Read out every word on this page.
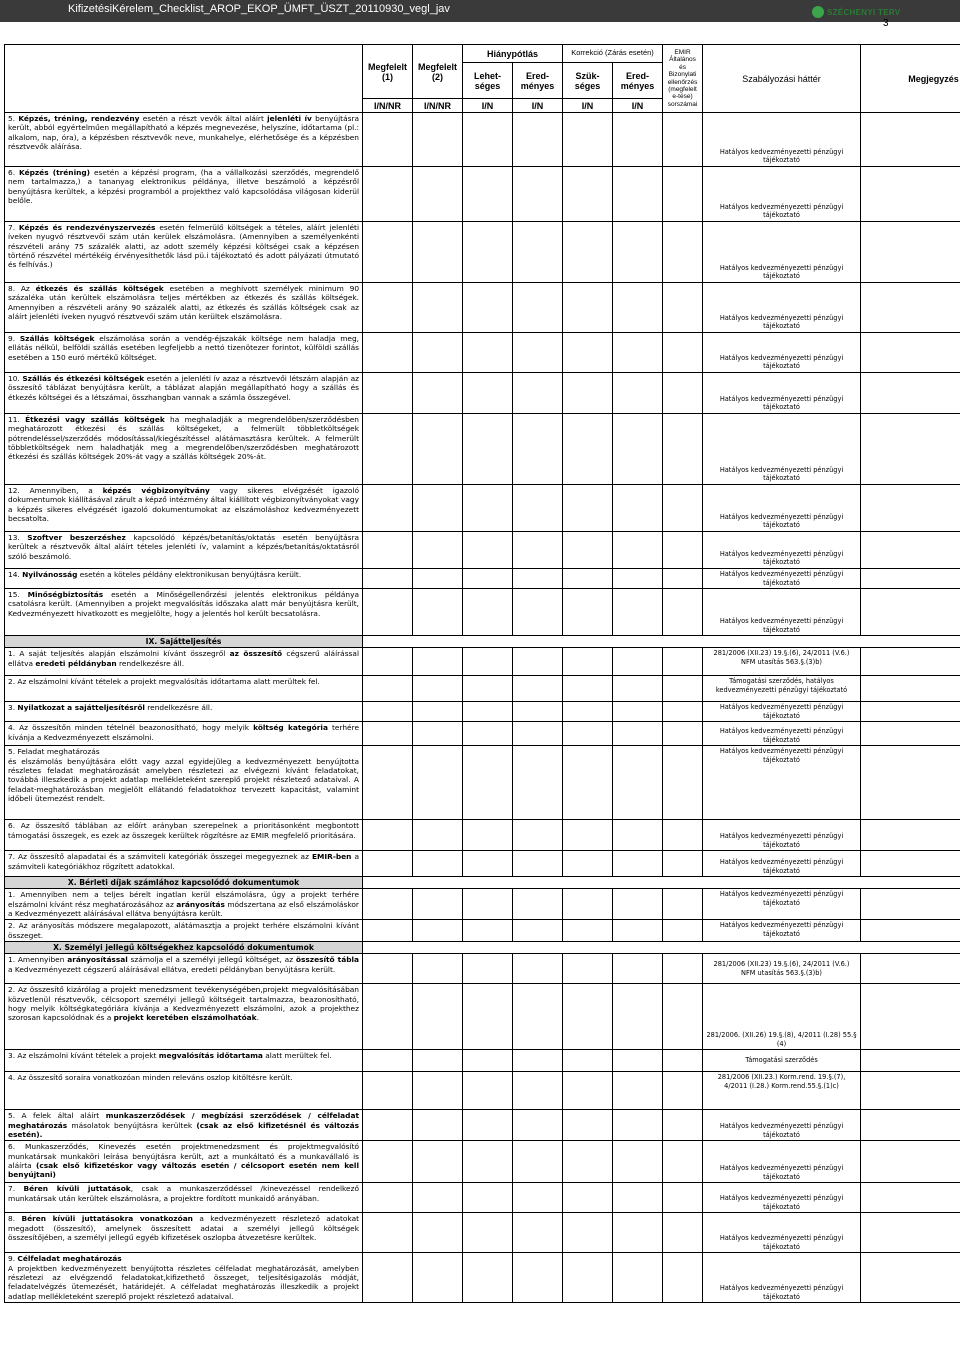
KifizetésiKérelem_Checklist_AROP_EKOP_ÜMFT_ÜSZT_20110930_vegl_jav	SZÉCHENYI TERV
3
	Megfelelt (1)	Megfelelt (2)	Hiánypótlás		Korrekció (Zárás esetén)		EMIR Általános és Bizonylati ellenőrzés (megfelelt e-tése) sorszámai	Szabályozási háttér	Megjegyzés
			Lehet-séges	Ered-ményes	Szük-séges	Ered-ményes			
	I/N/NR	I/N/NR	I/N	I/N	I/N	I/N			
5. Képzés, tréning, rendezvény esetén a részt vevők által aláírt jelenléti ív benyújtásra került, abból egyértelműen megállapítható a képzés megnevezése, helyszíne, időtartama (pl.: alkalom, nap, óra), a képzésben résztvevők neve, munkahelye, elérhetősége és a képzésben résztvevők aláírása.								Hatályos kedvezményezetti pénzügyi tájékoztató	
6. Képzés (tréning) esetén a képzési program, (ha a vállalkozási szerződés, megrendelő nem tartalmazza,) a tananyag elektronikus példánya, illetve beszámoló a képzésről benyújtásra kerültek, a képzési programból a projekthez való kapcsolódása világosan kiderül belőle.								Hatályos kedvezményezetti pénzügyi tájékoztató	
7. Képzés és rendezvényszervezés esetén felmerülő költségek a tételes, aláírt jelenléti íveken nyugvó résztvevői szám után kerülek elszámolásra. (Amennyiben a személyenkénti részvételi arány 75 százalék alatti, az adott személy képzési költségei csak a képzésen történő részvétel mértékéig érvényesíthetők lásd pü.i tájékoztató és adott pályázati útmutató és felhívás.)								Hatályos kedvezményezetti pénzügyi tájékoztató	
8. Az étkezés és szállás költségek esetében a meghívott személyek minimum 90 százaléka után kerültek elszámolásra teljes mértékben az étkezés és szállás költségek. Amennyiben a részvételi arány 90 százalék alatti, az étkezés és szállás költségek csak az aláírt jelenléti íveken nyugvó résztvevői szám után kerültek elszámolásra.								Hatályos kedvezményezetti pénzügyi tájékoztató	
9. Szállás költségek elszámolása során a vendég-éjszakák költsége nem haladja meg, ellátás nélkül, belföldi szállás esetében legfeljebb a nettó tizenötezer forintot, külföldi szállás esetében a 150 euró mértékű költséget.								Hatályos kedvezményezetti pénzügyi tájékoztató	
10. Szállás és étkezési költségek esetén a jelenléti ív azaz a résztvevői létszám alapján az összesítő táblázat benyújtásra került, a táblázat alapján megállapítható hogy a szállás és étkezés költségei és a létszámai, összhangban vannak a számla összegével.								Hatályos kedvezményezetti pénzügyi tájékoztató	
11. Étkezési vagy szállás költségek ha meghaladják a megrendelőben/szerződésben meghatározott étkezési és szállás költségeket, a felmerült többletköltségek pótrendeléssel/szerződés módosítással/kiegészítéssel alátámasztásra kerültek. A felmerült többletköltségek nem haladhatják meg a megrendelőben/szerződésben meghatározott étkezési és szállás költségek 20%-át vagy a szállás költségek 20%-át.								Hatályos kedvezményezetti pénzügyi tájékoztató	
12. Amennyiben, a képzés végbizonyítvány vagy sikeres elvégzését igazoló dokumentumok kiállításával zárult a képző intézmény által kiállított végbizonyítványokat vagy a képzés sikeres elvégzését igazoló dokumentumokat az elszámoláshoz kedvezményezett becsatolta.								Hatályos kedvezményezetti pénzügyi tájékoztató	
13. Szoftver beszerzéshez kapcsolódó képzés/betanítás/oktatás esetén benyújtásra kerültek a résztvevők által aláírt tételes jelenléti ív, valamint a képzés/betanítás/oktatásról szóló beszámoló.								Hatályos kedvezményezetti pénzügyi tájékoztató	
14. Nyilvánosság esetén a köteles példány elektronikusan benyújtásra került.								Hatályos kedvezményezetti pénzügyi tájékoztató	
15. Minőségbiztosítás esetén a Minőségellenőrzési jelentés elektronikus példánya csatolásra került. (Amennyiben a projekt megvalósítás időszaka alatt már benyújtásra került, Kedvezményezett hivatkozott es megjelölte, hogy a jelentés hol került becsatolásra.								Hatályos kedvezményezetti pénzügyi tájékoztató	
IX. Sajátteljesítés									
1. A saját teljesítés alapján elszámolni kívánt összegről az összesítő cégszerű aláírással ellátva eredeti példányban rendelkezésre áll.								281/2006 (XII.23) 19.§.(6), 24/2011 (V.6.) NFM utasítás 563.§.(3)b)	
2. Az elszámolni kívánt tételek a projekt megvalósítás időtartama alatt merültek fel.								Támogatási szerződés, hatályos kedvezményezetti pénzügyi tájékoztató	
3. Nyilatkozat a sajátteljesítésről rendelkezésre áll.								Hatályos kedvezményezetti pénzügyi tájékoztató	
4. Az összesítőn minden tételnél beazonosítható, hogy melyik költség kategória terhére kívánja a Kedvezményezett elszámolni.								Hatályos kedvezményezetti pénzügyi tájékoztató	
5. Feladat meghatározás
és elszámolás benyújtására előtt vagy azzal egyidejűleg a kedvezményezett benyújtotta részletes feladat meghatározását amelyben részletezi az elvégezni kívánt feladatokat, továbbá illeszkedik a projekt adatlap mellékleteként szereplő projekt részletező adataival. A feladat-meghatározásban megjelölt ellátandó feladatokhoz tervezett kapacitást, valamint időbeli ütemezést rendelt.								Hatályos kedvezményezetti pénzügyi tájékoztató	
6. Az összesítő táblában az előírt arányban szerepelnek a prioritásonként megbontott támogatási összegek, es ezek az összegek kerültek rögzítésre az EMIR megfelelő prioritására.								Hatályos kedvezményezetti pénzügyi tájékoztató	
7. Az összesítő alapadatai és a számviteli kategóriák összegei megegyeznek az EMIR-ben a számviteli kategóriákhoz rögzített adatokkal.								Hatályos kedvezményezetti pénzügyi tájékoztató	
X. Bérleti díjak számlához kapcsolódó dokumentumok									
1. Amennyiben nem a teljes bérelt ingatlan kerül elszámolásra, úgy a projekt terhére elszámolni kívánt rész meghatározásához az arányosítás módszertana az első elszámoláskor a Kedvezményezett aláírásával ellátva benyújtásra került.								Hatályos kedvezményezetti pénzügyi tájékoztató	
2. Az arányosítás módszere megalapozott, alátámasztja a projekt terhére elszámolni kívánt összeget.								Hatályos kedvezményezetti pénzügyi tájékoztató	
X. Személyi jellegű költségekhez kapcsolódó dokumentumok									
1. Amennyiben arányosítással számolja el a személyi jellegű költséget, az összesítő tábla a Kedvezményezett cégszerű aláírásával ellátva, eredeti példányban benyújtásra került.								281/2006 (XII.23) 19.§.(6), 24/2011 (V.6.) NFM utasítás 563.§.(3)b)	
2. Az összesítő kizárólag a projekt menedzsment tevékenységében,projekt megvalósításában közvetlenül résztvevők, célcsoport személyi jellegű költségeit tartalmazza, beazonosítható, hogy melyik költségkategóriára kívánja a Kedvezményezett elszámolni, azok a projekthez szorosan kapcsolódnak és a projekt keretében elszámolhatóak.								281/2006. (XII.26) 19.§.(8), 4/2011 (I.28) 55.§ (4)	
3. Az elszámolni kívánt tételek a projekt megvalósítás időtartama alatt merültek fel.								Támogatási szerződés	
4. Az összesítő soraira vonatkozóan minden releváns oszlop kitöltésre került.								281/2006 (XII.23.) Korm.rend. 19.§.(7), 4/2011 (I.28.) Korm.rend.55.§.(1)c)	
5. A felek által aláírt munkaszerződések / megbízási szerződések / célfeladat meghatározás másolatok benyújtásra kerültek (csak az első kifizetésnél és változás esetén).								Hatályos kedvezményezetti pénzügyi tájékoztató	
6. Munkaszerződés, Kinevezés esetén projektmenedzsment és projektmegvalósító munkatársak munkaköri leírása benyújtásra került, azt a munkáltató és a munkavállaló is aláírta (csak első kifizetéskor vagy változás esetén / célcsoport esetén nem kell benyújtani)								Hatályos kedvezményezetti pénzügyi tájékoztató	
7. Béren kívüli juttatások, csak a munkaszerződéssel /kinevezéssel rendelkező munkatársak után kerültek elszámolásra, a projektre fordított munkaidő arányában.								Hatályos kedvezményezetti pénzügyi tájékoztató	
8. Béren kívüli juttatásokra vonatkozóan a kedvezményezett részletező adatokat megadott (összesítő), amelynek összesített adatai a személyi jellegű költségek összesítőjében, a személyi jellegű egyéb kifizetések oszlopba átvezetésre kerültek.								Hatályos kedvezményezetti pénzügyi tájékoztató	
9. Célfeladat meghatározás
A projektben kedvezményezett benyújtotta részletes célfeladat meghatározását, amelyben részletezi az elvégzendő feladatokat,kifizethető összeget, teljesítésigazolás módját, feladatelvégzés ütemezését, határidejét. A célfeladat meghatározás illeszkedik a projekt adatlap mellékleteként szereplő projekt részletező adataival.								Hatályos kedvezményezetti pénzügyi tájékoztató	
